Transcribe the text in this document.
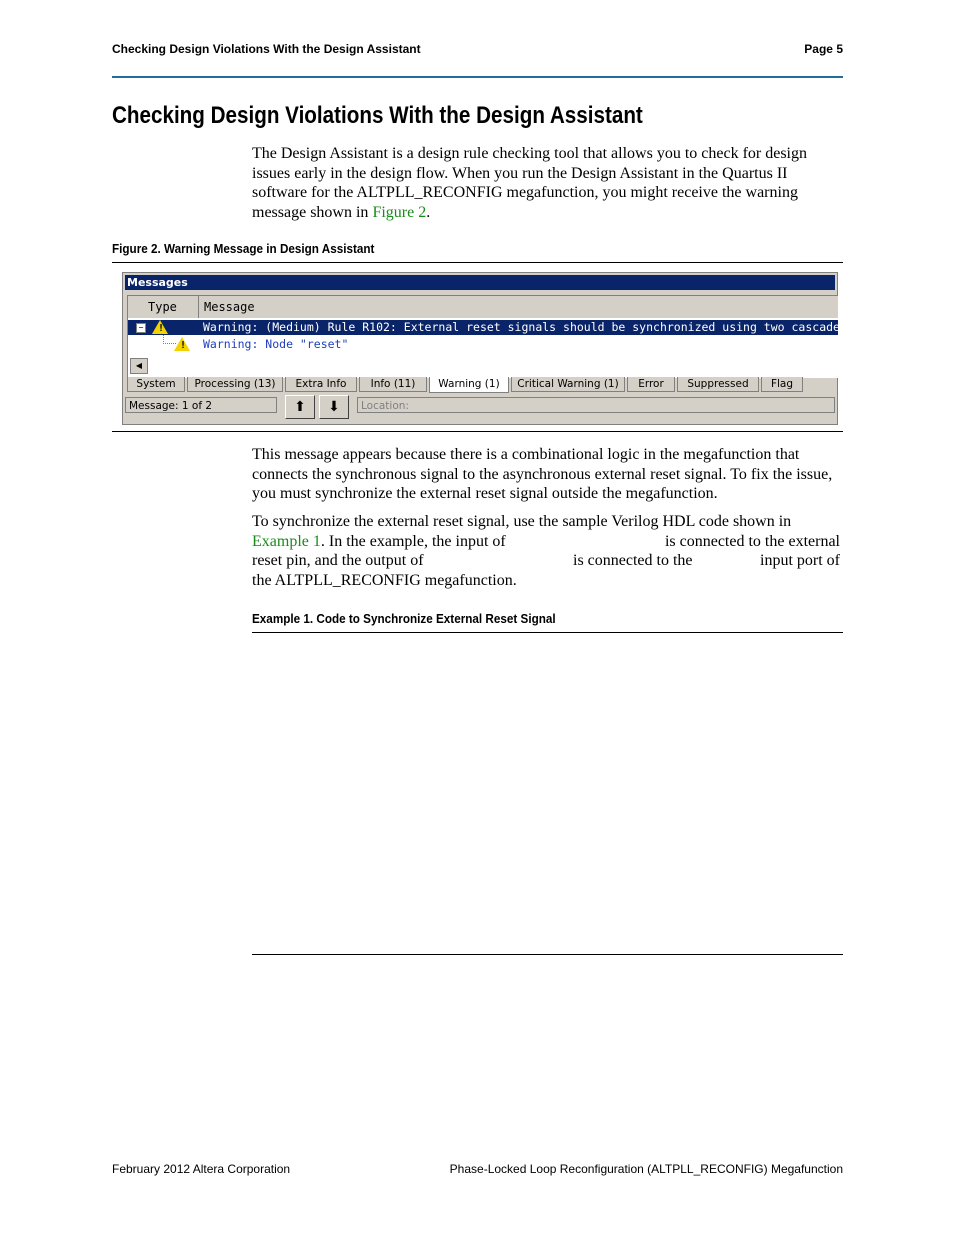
Checking Design Violations With the Design Assistant	Page 5
Checking Design Violations With the Design Assistant

The Design Assistant is a design rule checking tool that allows you to check for design issues early in the design flow. When you run the Design Assistant in the Quartus II software for the ALTPLL_RECONFIG megafunction, you might receive the warning message shown in Figure 2.

Figure 2. Warning Message in Design Assistant
Messages
Type Message
− !	Warning: (Medium) Rule R102: External reset signals should be synchronized using two cascaded registers
! Warning: Node "reset"
◀
System	Processing (13)	Extra Info	Info (11)	Warning (1)	Critical Warning (1)	Error	Suppressed	Flag
Message: 1 of 2	⬆	⬇	Location:

This message appears because there is a combinational logic in the megafunction that connects the synchronous signal to the asynchronous external reset signal. To fix the issue, you must synchronize the external reset signal outside the megafunction.

To synchronize the external reset signal, use the sample Verilog HDL code shown in Example 1. In the example, the input of	is connected to the external

reset pin, and the output of	is connected to the	input port of

the ALTPLL_RECONFIG megafunction.

Example 1. Code to Synchronize External Reset Signal
February 2012 Altera Corporation	Phase-Locked Loop Reconfiguration (ALTPLL_RECONFIG) Megafunction
